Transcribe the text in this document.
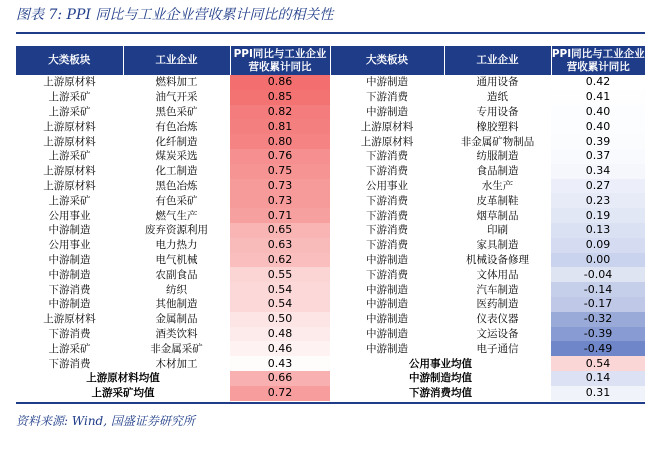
图表 7: PPI 同比与工业企业营收累计同比的相关性
大类板块	工业企业	PPI同比与工业企业营收累计同比	大类板块	工业企业	PPI同比与工业企业营收累计同比
上游原材料	燃料加工	0.86	中游制造	通用设备	0.42
上游采矿	油气开采	0.85	下游消费	造纸	0.41
上游采矿	黑色采矿	0.82	中游制造	专用设备	0.40
上游原材料	有色冶炼	0.81	上游原材料	橡胶塑料	0.40
上游原材料	化纤制造	0.80	上游原材料	非金属矿物制品	0.39
上游采矿	煤炭采选	0.76	下游消费	纺服制造	0.37
上游原材料	化工制造	0.75	下游消费	食品制造	0.34
上游原材料	黑色冶炼	0.73	公用事业	水生产	0.27
上游采矿	有色采矿	0.73	下游消费	皮革制鞋	0.23
公用事业	燃气生产	0.71	下游消费	烟草制品	0.19
中游制造	废弃资源利用	0.65	下游消费	印刷	0.13
公用事业	电力热力	0.63	下游消费	家具制造	0.09
中游制造	电气机械	0.62	中游制造	机械设备修理	0.00
中游制造	农副食品	0.55	下游消费	文体用品	-0.04
下游消费	纺织	0.54	中游制造	汽车制造	-0.14
中游制造	其他制造	0.54	中游制造	医药制造	-0.17
上游原材料	金属制品	0.50	中游制造	仪表仪器	-0.32
下游消费	酒类饮料	0.48	中游制造	文运设备	-0.39
上游采矿	非金属采矿	0.46	中游制造	电子通信	-0.49
下游消费	木材加工	0.43	公用事业均值		0.54
上游原材料均值		0.66	中游制造均值		0.14
上游采矿均值		0.72	下游消费均值		0.31
资料来源: Wind, 国盛证券研究所
